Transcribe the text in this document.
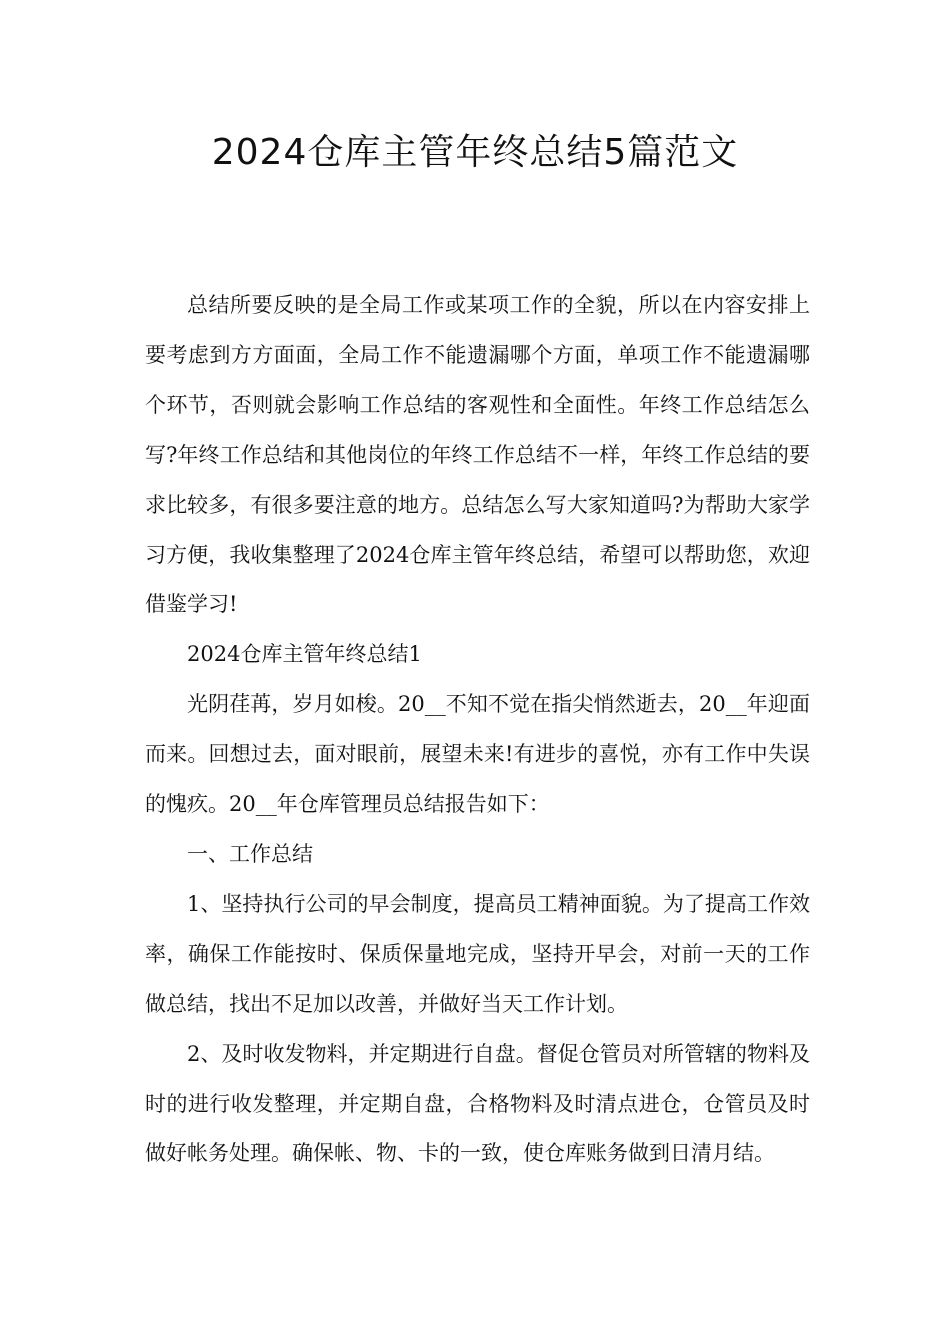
2024仓库主管年终总结5篇范文

总结所要反映的是全局工作或某项工作的全貌，所以在内容安排上要考虑到方方面面，全局工作不能遗漏哪个方面，单项工作不能遗漏哪个环节，否则就会影响工作总结的客观性和全面性。年终工作总结怎么写?年终工作总结和其他岗位的年终工作总结不一样，年终工作总结的要求比较多，有很多要注意的地方。总结怎么写大家知道吗?为帮助大家学习方便，我收集整理了2024仓库主管年终总结，希望可以帮助您，欢迎借鉴学习!

2024仓库主管年终总结1

光阴荏苒，岁月如梭。20__不知不觉在指尖悄然逝去，20__年迎面而来。回想过去，面对眼前，展望未来!有进步的喜悦，亦有工作中失误的愧疚。20__年仓库管理员总结报告如下：

一、工作总结

1、坚持执行公司的早会制度，提高员工精神面貌。为了提高工作效率，确保工作能按时、保质保量地完成，坚持开早会，对前一天的工作做总结，找出不足加以改善，并做好当天工作计划。

2、及时收发物料，并定期进行自盘。督促仓管员对所管辖的物料及时的进行收发整理，并定期自盘，合格物料及时清点进仓，仓管员及时做好帐务处理。确保帐、物、卡的一致，使仓库账务做到日清月结。
